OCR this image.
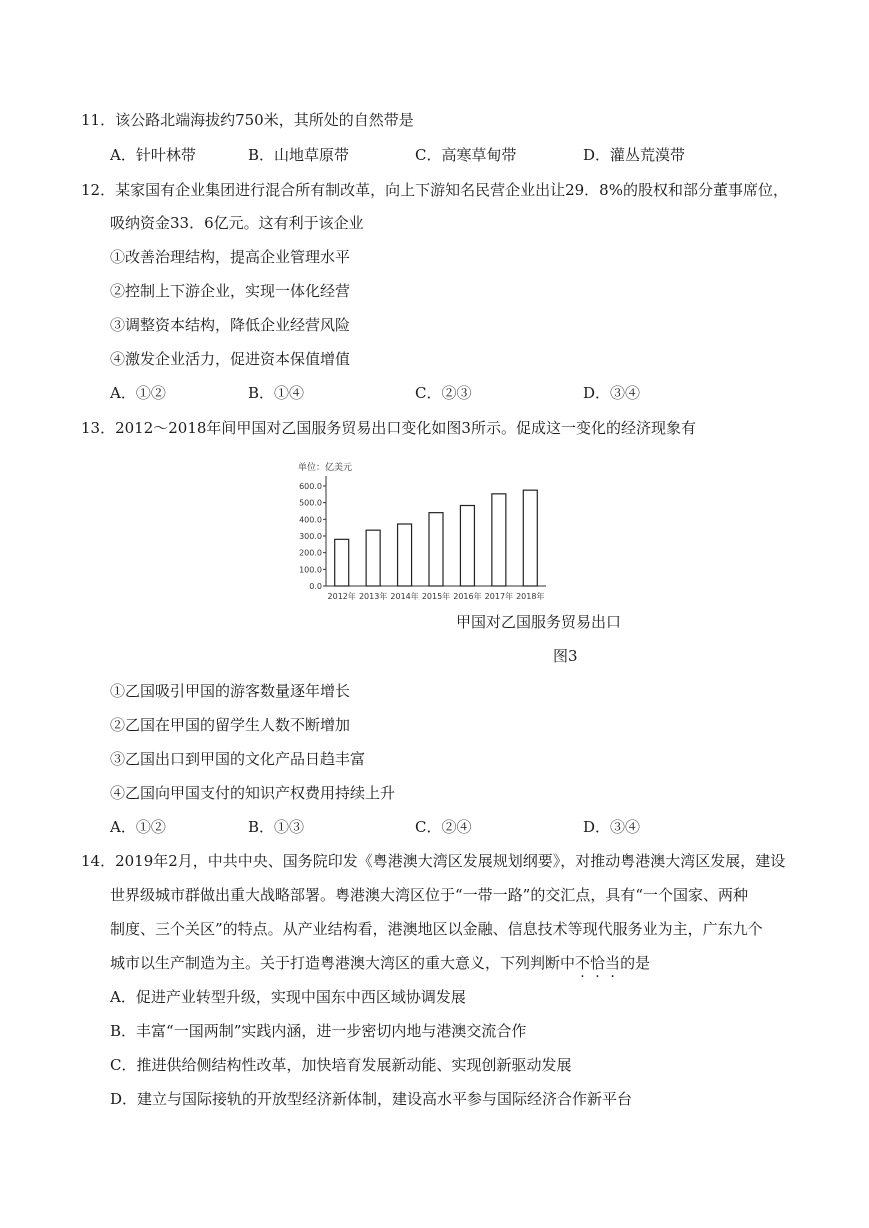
11．该公路北端海拔约750米，其所处的自然带是
A．针叶林带	B．山地草原带	C．高寒草甸带	D．灌丛荒漠带
12．某家国有企业集团进行混合所有制改革，向上下游知名民营企业出让29．8%的股权和部分董事席位，
吸纳资金33．6亿元。这有利于该企业
①改善治理结构，提高企业管理水平
②控制上下游企业，实现一体化经营
③调整资本结构，降低企业经营风险
④激发企业活力，促进资本保值增值
A．①②	B．①④	C．②③	D．③④
13．2012～2018年间甲国对乙国服务贸易出口变化如图3所示。促成这一变化的经济现象有
单位：亿美元
0.0
100.0
200.0
300.0
400.0
500.0
600.0
2012年 2013年 2014年 2015年 2016年 2017年 2018年
甲国对乙国服务贸易出口
图3
①乙国吸引甲国的游客数量逐年增长
②乙国在甲国的留学生人数不断增加
③乙国出口到甲国的文化产品日趋丰富
④乙国向甲国支付的知识产权费用持续上升
A．①②	B．①③	C．②④	D．③④
14．2019年2月，中共中央、国务院印发《粤港澳大湾区发展规划纲要》，对推动粤港澳大湾区发展，建设
世界级城市群做出重大战略部署。粤港澳大湾区位于“一带一路”的交汇点，具有“一个国家、两种
制度、三个关区”的特点。从产业结构看，港澳地区以金融、信息技术等现代服务业为主，广东九个
城市以生产制造为主。关于打造粤港澳大湾区的重大意义，下列判断中不恰当的是
A．促进产业转型升级，实现中国东中西区域协调发展
B．丰富“一国两制”实践内涵，进一步密切内地与港澳交流合作
C．推进供给侧结构性改革，加快培育发展新动能、实现创新驱动发展
D．建立与国际接轨的开放型经济新体制，建设高水平参与国际经济合作新平台
